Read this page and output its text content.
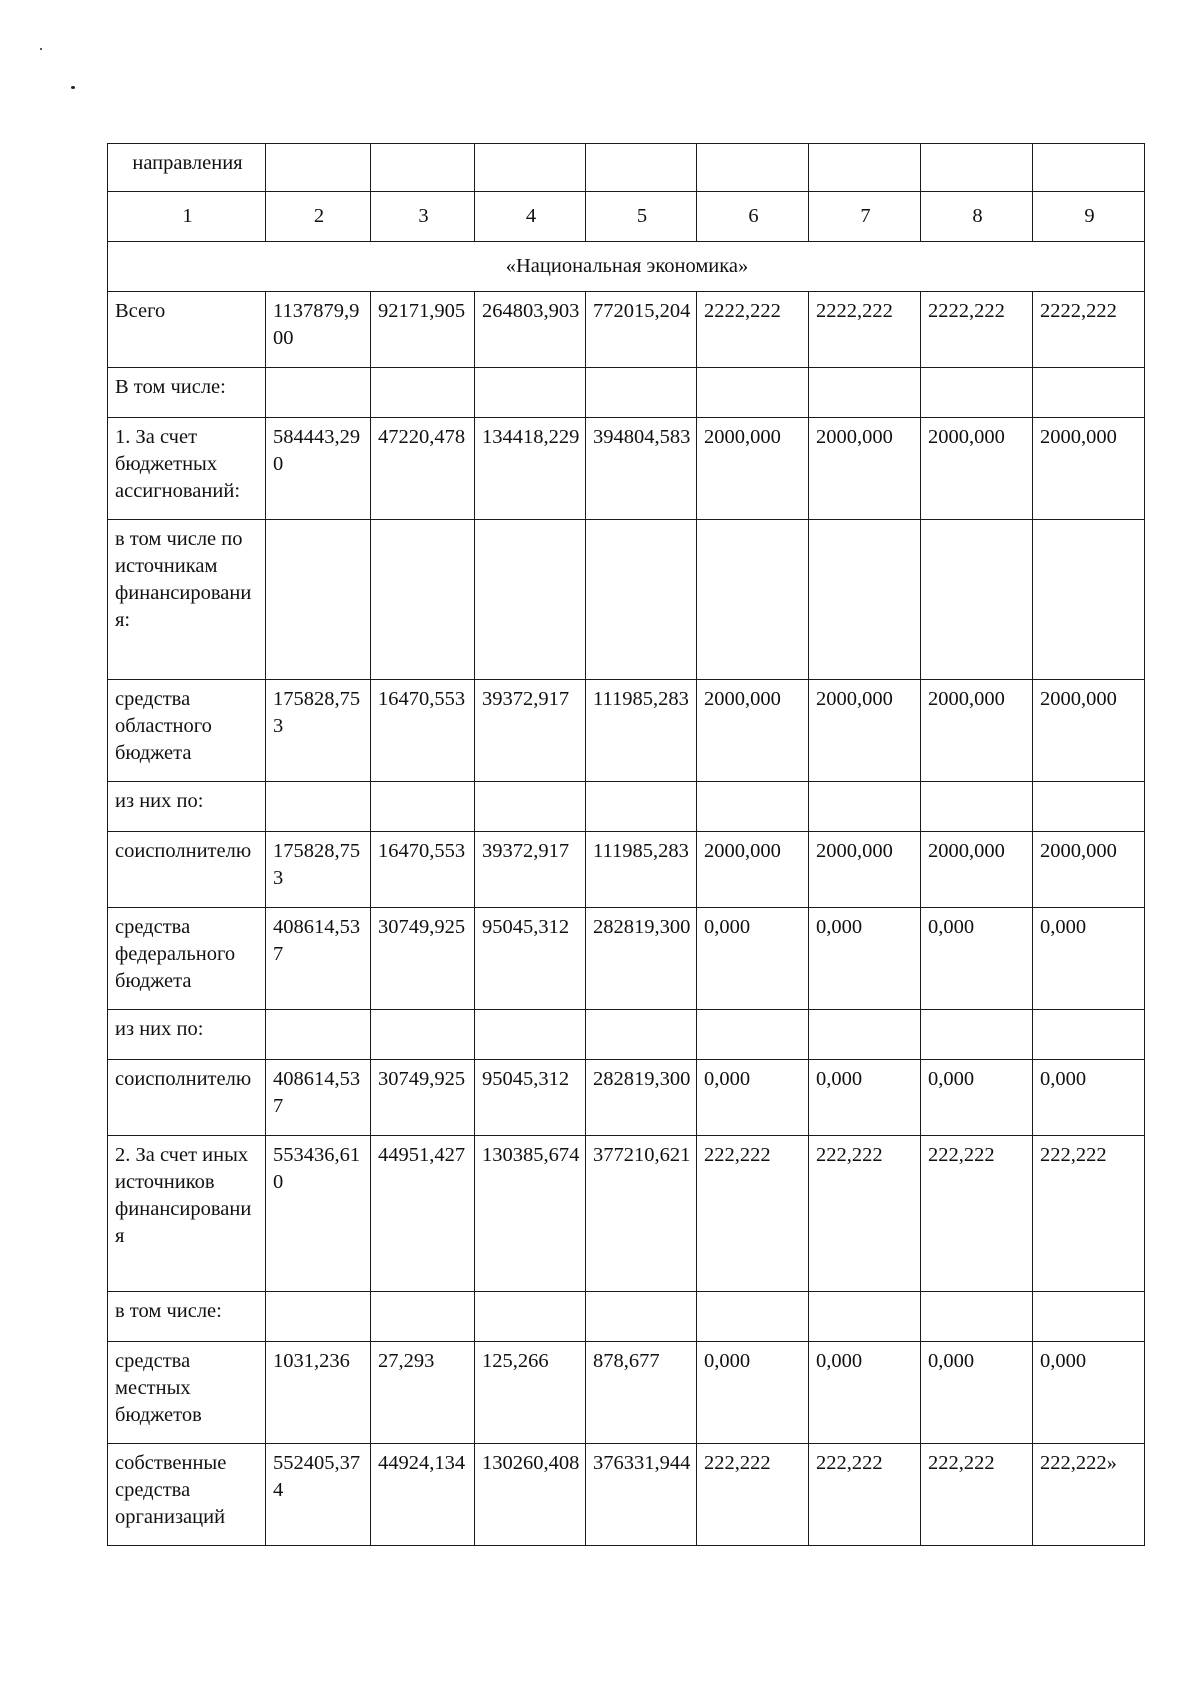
направления								
1	2	3	4	5	6	7	8	9
«Национальная экономика»								
Всего	1137879,900	92171,905	264803,903	772015,204	2222,222	2222,222	2222,222	2222,222
В том числе:								
1. За счет бюджетных ассигнований:	584443,290	47220,478	134418,229	394804,583	2000,000	2000,000	2000,000	2000,000
в том числе по источникам финансирования:								
средства областного бюджета	175828,753	16470,553	39372,917	111985,283	2000,000	2000,000	2000,000	2000,000
из них по:								
соисполнителю	175828,753	16470,553	39372,917	111985,283	2000,000	2000,000	2000,000	2000,000
средства федерального бюджета	408614,537	30749,925	95045,312	282819,300	0,000	0,000	0,000	0,000
из них по:								
соисполнителю	408614,537	30749,925	95045,312	282819,300	0,000	0,000	0,000	0,000
2. За счет иных источников финансирования	553436,610	44951,427	130385,674	377210,621	222,222	222,222	222,222	222,222
в том числе:								
средства местных бюджетов	1031,236	27,293	125,266	878,677	0,000	0,000	0,000	0,000
собственные средства организаций	552405,374	44924,134	130260,408	376331,944	222,222	222,222	222,222	222,222»
